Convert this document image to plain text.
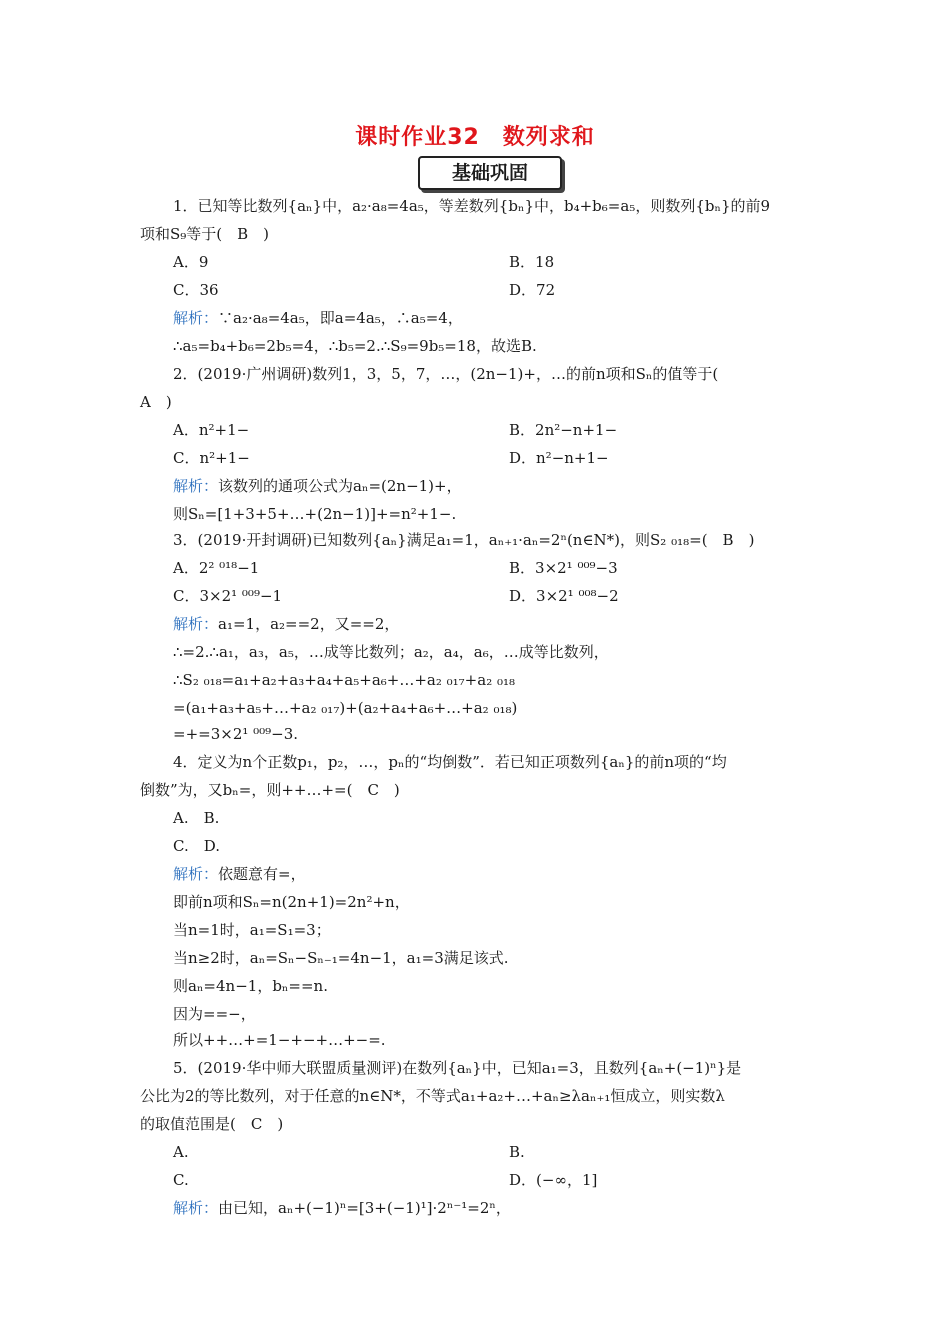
课时作业32　数列求和
基础巩固
1．已知等比数列{aₙ}中，a₂·a₈=4a₅，等差数列{bₙ}中，b₄+b₆=a₅，则数列{bₙ}的前9
项和S₉等于(　B　)
A．9	B．18
C．36	D．72
解析：∵a₂·a₈=4a₅，即a=4a₅，∴a₅=4，
∴a₅=b₄+b₆=2b₅=4，∴b₅=2.∴S₉=9b₅=18，故选B.
2．(2019·广州调研)数列1，3，5，7，…，(2n−1)+，…的前n项和Sₙ的值等于(
A　)
A．n²+1−	B．2n²−n+1−
C．n²+1−	D．n²−n+1−
解析：该数列的通项公式为aₙ=(2n−1)+，
则Sₙ=[1+3+5+…+(2n−1)]+=n²+1−.
3．(2019·开封调研)已知数列{aₙ}满足a₁=1，aₙ₊₁·aₙ=2ⁿ(n∈N*)，则S₂ ₀₁₈=(　B　)
A．2² ⁰¹⁸−1	B．3×2¹ ⁰⁰⁹−3
C．3×2¹ ⁰⁰⁹−1	D．3×2¹ ⁰⁰⁸−2
解析：a₁=1，a₂==2，又==2，
∴=2.∴a₁，a₃，a₅，…成等比数列；a₂，a₄，a₆，…成等比数列，
∴S₂ ₀₁₈=a₁+a₂+a₃+a₄+a₅+a₆+…+a₂ ₀₁₇+a₂ ₀₁₈
=(a₁+a₃+a₅+…+a₂ ₀₁₇)+(a₂+a₄+a₆+…+a₂ ₀₁₈)
=+=3×2¹ ⁰⁰⁹−3.
4．定义为n个正数p₁，p₂，…，pₙ的“均倒数”．若已知正项数列{aₙ}的前n项的“均
倒数”为，又bₙ=，则++…+=(　C　)
A.　B.
C.　D.
解析：依题意有=，
即前n项和Sₙ=n(2n+1)=2n²+n，
当n=1时，a₁=S₁=3；
当n≥2时，aₙ=Sₙ−Sₙ₋₁=4n−1，a₁=3满足该式.
则aₙ=4n−1，bₙ==n.
因为==−，
所以++…+=1−+−+…+−=.
5．(2019·华中师大联盟质量测评)在数列{aₙ}中，已知a₁=3，且数列{aₙ+(−1)ⁿ}是
公比为2的等比数列，对于任意的n∈N*，不等式a₁+a₂+…+aₙ≥λaₙ₊₁恒成立，则实数λ
的取值范围是(　C　)
A.	B.
C.	D．(−∞，1]
解析：由已知，aₙ+(−1)ⁿ=[3+(−1)¹]·2ⁿ⁻¹=2ⁿ，
